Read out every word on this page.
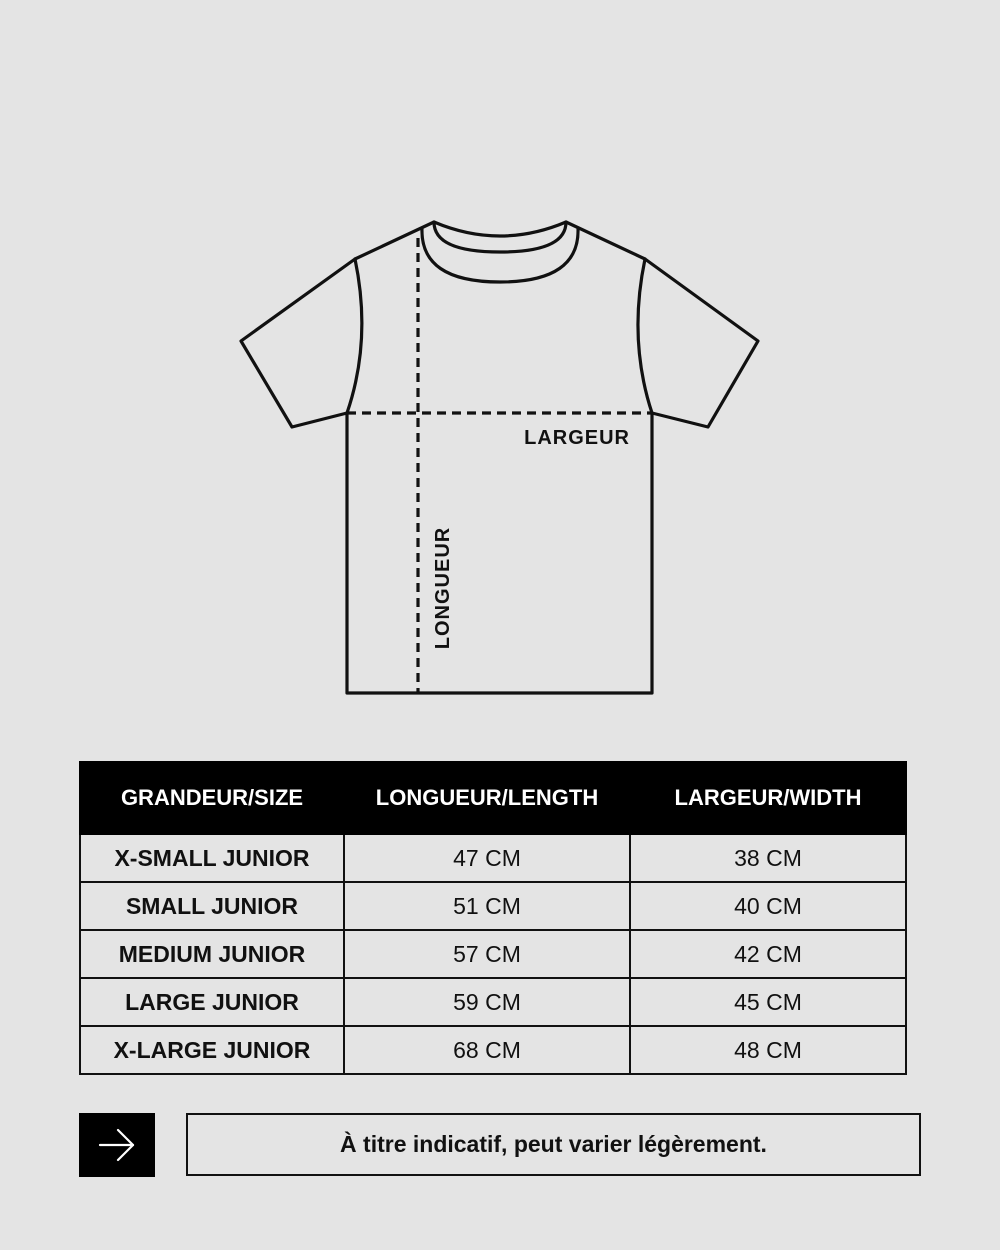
LARGEUR
LONGUEUR
GRANDEUR/SIZE	LONGUEUR/LENGTH	LARGEUR/WIDTH
X-SMALL JUNIOR	47 CM	38 CM
SMALL JUNIOR	51 CM	40 CM
MEDIUM JUNIOR	57 CM	42 CM
LARGE JUNIOR	59 CM	45 CM
X-LARGE JUNIOR	68 CM	48 CM
À titre indicatif, peut varier légèrement.
